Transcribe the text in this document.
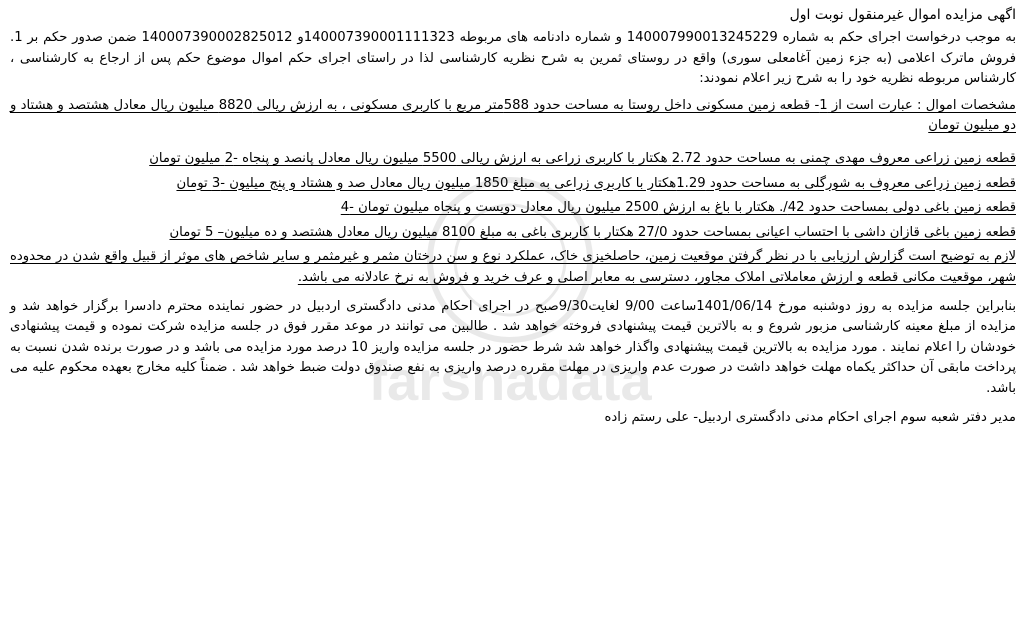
farsnadata

اگهی مزایده اموال غیرمنقول نوبت اول

به موجب درخواست اجرای حکم به شماره 14000799001324522‌9 و شماره دادنامه های مربوطه 140007390001111323و 140007390002825012 ضمن صدور حکم بر 1. فروش ماترک اعلامی (به جزء زمین آغامعلی سوری) واقع در روستای ثمرین به شرح نظریه کارشناسی لذا در راستای اجرای حکم اموال موضوع حکم پس از ارجاع به کارشناسی ، کارشناس مربوطه نظریه خود را به شرح زیر اعلام نمودند:

مشخصات اموال : عبارت است از 1- قطعه زمین مسکونی داخل روستا به مساحت حدود 588متر مربع با کاربری مسکونی ، به ارزش ریالی 8820 میلیون ریال معادل هشتصد و هشتاد و دو میلیون تومان

قطعه زمین زراعی معروف مهدی چمنی به مساحت حدود 2.72 هکتار با کاربری زراعی به ارزش ریالی 5500 میلیون ریال معادل پانصد و پنجاه -2 میلیون تومان

قطعه زمین زراعی معروف به شورگلی به مساحت حدود 1.29هکتار با کاربری زراعی به مبلغ 1850 میلیون ریال معادل صد و هشتاد و پنج میلیون -3 تومان

قطعه زمین باغی دولی بمساحت حدود 42/. هکتار با باغ به ارزش 2500 میلیون ریال معادل دویست و پنجاه میلیون تومان -4

قطعه زمین باغی قازان داشی با احتساب اعیانی بمساحت حدود 27/0 هکتار با کاربری باغی به مبلغ 8100 میلیون ریال معادل هشتصد و ده میلیون– 5 تومان

لازم به توضیح است گزارش ارزیابی با در نظر گرفتن موقعیت زمین، حاصلخیزی خاک، عملکرد نوع و سن درختان مثمر و غیرمثمر و سایر شاخص های موثر از قبیل واقع شدن در محدوده شهر، موقعیت مکانی قطعه و ارزش معاملاتی املاک مجاور، دسترسی به معابر اصلی و عرف خرید و فروش به نرخ عادلانه می باشد.

بنابراین جلسه مزایده به روز دوشنبه مورخ 1401/06/14ساعت 9/00 لغایت9/30صبح در اجرای احکام مدنی دادگستری اردبیل در حضور نماینده محترم دادسرا برگزار خواهد شد و مزایده از مبلغ معینه کارشناسی مزبور شروع و به بالاترین قیمت پیشنهادی فروخته خواهد شد . طالبین می توانند در موعد مقرر فوق در جلسه مزایده شرکت نموده و قیمت پیشنهادی خودشان را اعلام نمایند . مورد مزایده به بالاترین قیمت پیشنهادی واگذار خواهد شد شرط حضور در جلسه مزایده واریز 10 درصد مورد مزایده می باشد و در صورت برنده شدن نسبت به پرداخت مابقی آن حداکثر یکماه مهلت خواهد داشت در صورت عدم واریزی در مهلت مقرره درصد واریزی به نفع صندوق دولت ضبط خواهد شد . ضمناً کلیه مخارج بعهده محکوم علیه می باشد.

مدیر دفتر شعبه سوم اجرای احکام مدنی دادگستری اردبیل- علی رستم زاده
